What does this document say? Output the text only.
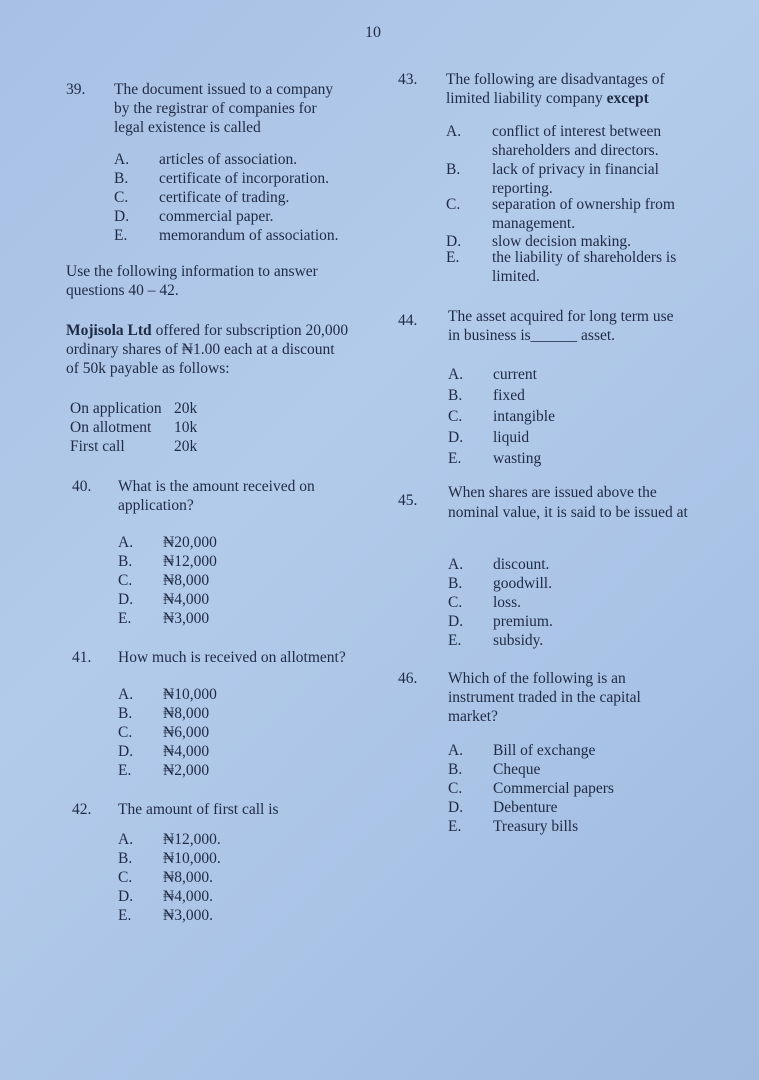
10
39. The document issued to a company by the registrar of companies for legal existence is called
A. articles of association.
B. certificate of incorporation.
C. certificate of trading.
D. commercial paper.
E. memorandum of association.
Use the following information to answer questions 40 – 42.
Mojisola Ltd offered for subscription 20,000 ordinary shares of ₦1.00 each at a discount of 50k payable as follows:
On application 20k
On allotment 10k
First call	20k
40. What is the amount received on application?
A. ₦20,000
B. ₦12,000
C. ₦8,000
D. ₦4,000
E. ₦3,000
41. How much is received on allotment?
A. ₦10,000
B. ₦8,000
C. ₦6,000
D. ₦4,000
E. ₦2,000
42. The amount of first call is
A. ₦12,000.
B. ₦10,000.
C. ₦8,000.
D. ₦4,000.
E. ₦3,000.
43. The following are disadvantages of limited liability company except
A. conflict of interest between shareholders and directors.
B. lack of privacy in financial reporting.
C. separation of ownership from management.
D. slow decision making.
E. the liability of shareholders is limited.
44. The asset acquired for long term use in business is______ asset.
A. current
B. fixed
C. intangible
D. liquid
E. wasting
45. When shares are issued above the nominal value, it is said to be issued at
A. discount.
B. goodwill.
C. loss.
D. premium.
E. subsidy.
46. Which of the following is an instrument traded in the capital market?
A. Bill of exchange
B. Cheque
C. Commercial papers
D. Debenture
E. Treasury bills
